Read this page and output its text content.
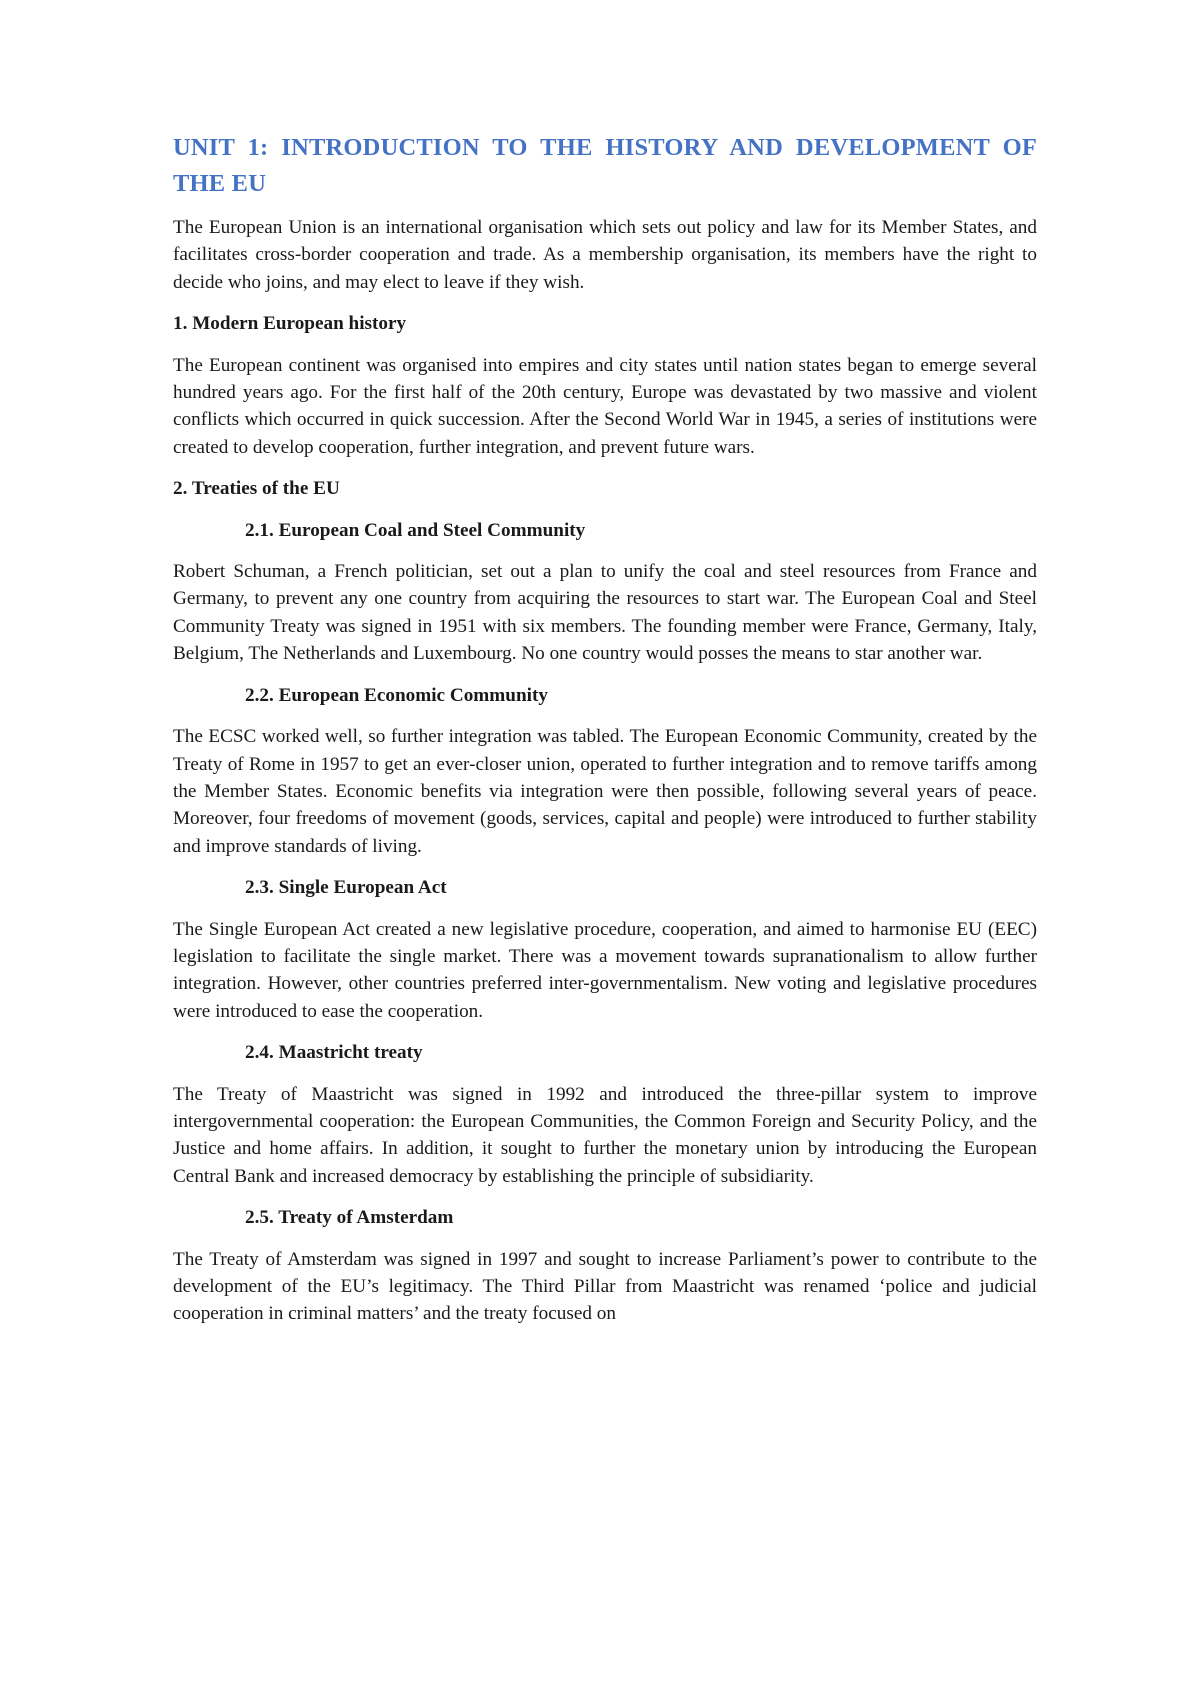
UNIT 1: INTRODUCTION TO THE HISTORY AND DEVELOPMENT OF THE EU

The European Union is an international organisation which sets out policy and law for its Member States, and facilitates cross-border cooperation and trade. As a membership organisation, its members have the right to decide who joins, and may elect to leave if they wish.

1. Modern European history

The European continent was organised into empires and city states until nation states began to emerge several hundred years ago. For the first half of the 20th century, Europe was devastated by two massive and violent conflicts which occurred in quick succession. After the Second World War in 1945, a series of institutions were created to develop cooperation, further integration, and prevent future wars.

2. Treaties of the EU

2.1. European Coal and Steel Community

Robert Schuman, a French politician, set out a plan to unify the coal and steel resources from France and Germany, to prevent any one country from acquiring the resources to start war. The European Coal and Steel Community Treaty was signed in 1951 with six members. The founding member were France, Germany, Italy, Belgium, The Netherlands and Luxembourg. No one country would posses the means to star another war.

2.2. European Economic Community

The ECSC worked well, so further integration was tabled. The European Economic Community, created by the Treaty of Rome in 1957 to get an ever-closer union, operated to further integration and to remove tariffs among the Member States. Economic benefits via integration were then possible, following several years of peace. Moreover, four freedoms of movement (goods, services, capital and people) were introduced to further stability and improve standards of living.

2.3. Single European Act

The Single European Act created a new legislative procedure, cooperation, and aimed to harmonise EU (EEC) legislation to facilitate the single market. There was a movement towards supranationalism to allow further integration. However, other countries preferred inter-governmentalism. New voting and legislative procedures were introduced to ease the cooperation.

2.4. Maastricht treaty

The Treaty of Maastricht was signed in 1992 and introduced the three-pillar system to improve intergovernmental cooperation: the European Communities, the Common Foreign and Security Policy, and the Justice and home affairs. In addition, it sought to further the monetary union by introducing the European Central Bank and increased democracy by establishing the principle of subsidiarity.

2.5. Treaty of Amsterdam

The Treaty of Amsterdam was signed in 1997 and sought to increase Parliament’s power to contribute to the development of the EU’s legitimacy. The Third Pillar from Maastricht was renamed ‘police and judicial cooperation in criminal matters’ and the treaty focused on
